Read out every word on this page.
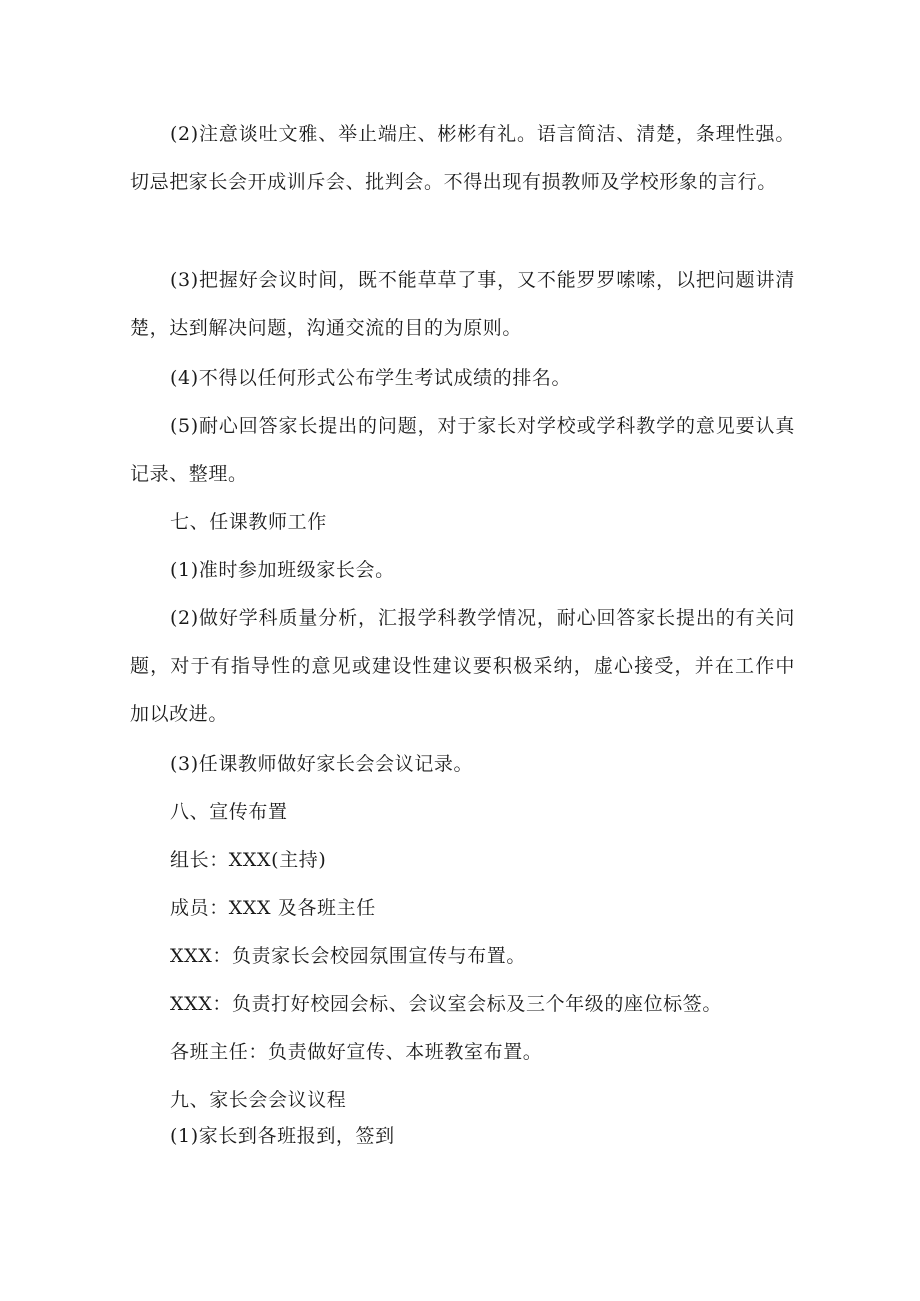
(2)注意谈吐文雅、举止端庄、彬彬有礼。语言简洁、清楚，条理性强。切忌把家长会开成训斥会、批判会。不得出现有损教师及学校形象的言行。

(3)把握好会议时间，既不能草草了事，又不能罗罗嗦嗦，以把问题讲清楚，达到解决问题，沟通交流的目的为原则。

(4)不得以任何形式公布学生考试成绩的排名。

(5)耐心回答家长提出的问题，对于家长对学校或学科教学的意见要认真记录、整理。

七、任课教师工作

(1)准时参加班级家长会。

(2)做好学科质量分析，汇报学科教学情况，耐心回答家长提出的有关问题，对于有指导性的意见或建设性建议要积极采纳，虚心接受，并在工作中加以改进。

(3)任课教师做好家长会会议记录。

八、宣传布置

组长：XXX(主持)

成员：XXX 及各班主任

XXX：负责家长会校园氛围宣传与布置。

XXX：负责打好校园会标、会议室会标及三个年级的座位标签。

各班主任：负责做好宣传、本班教室布置。

九、家长会会议议程

(1)家长到各班报到，签到
